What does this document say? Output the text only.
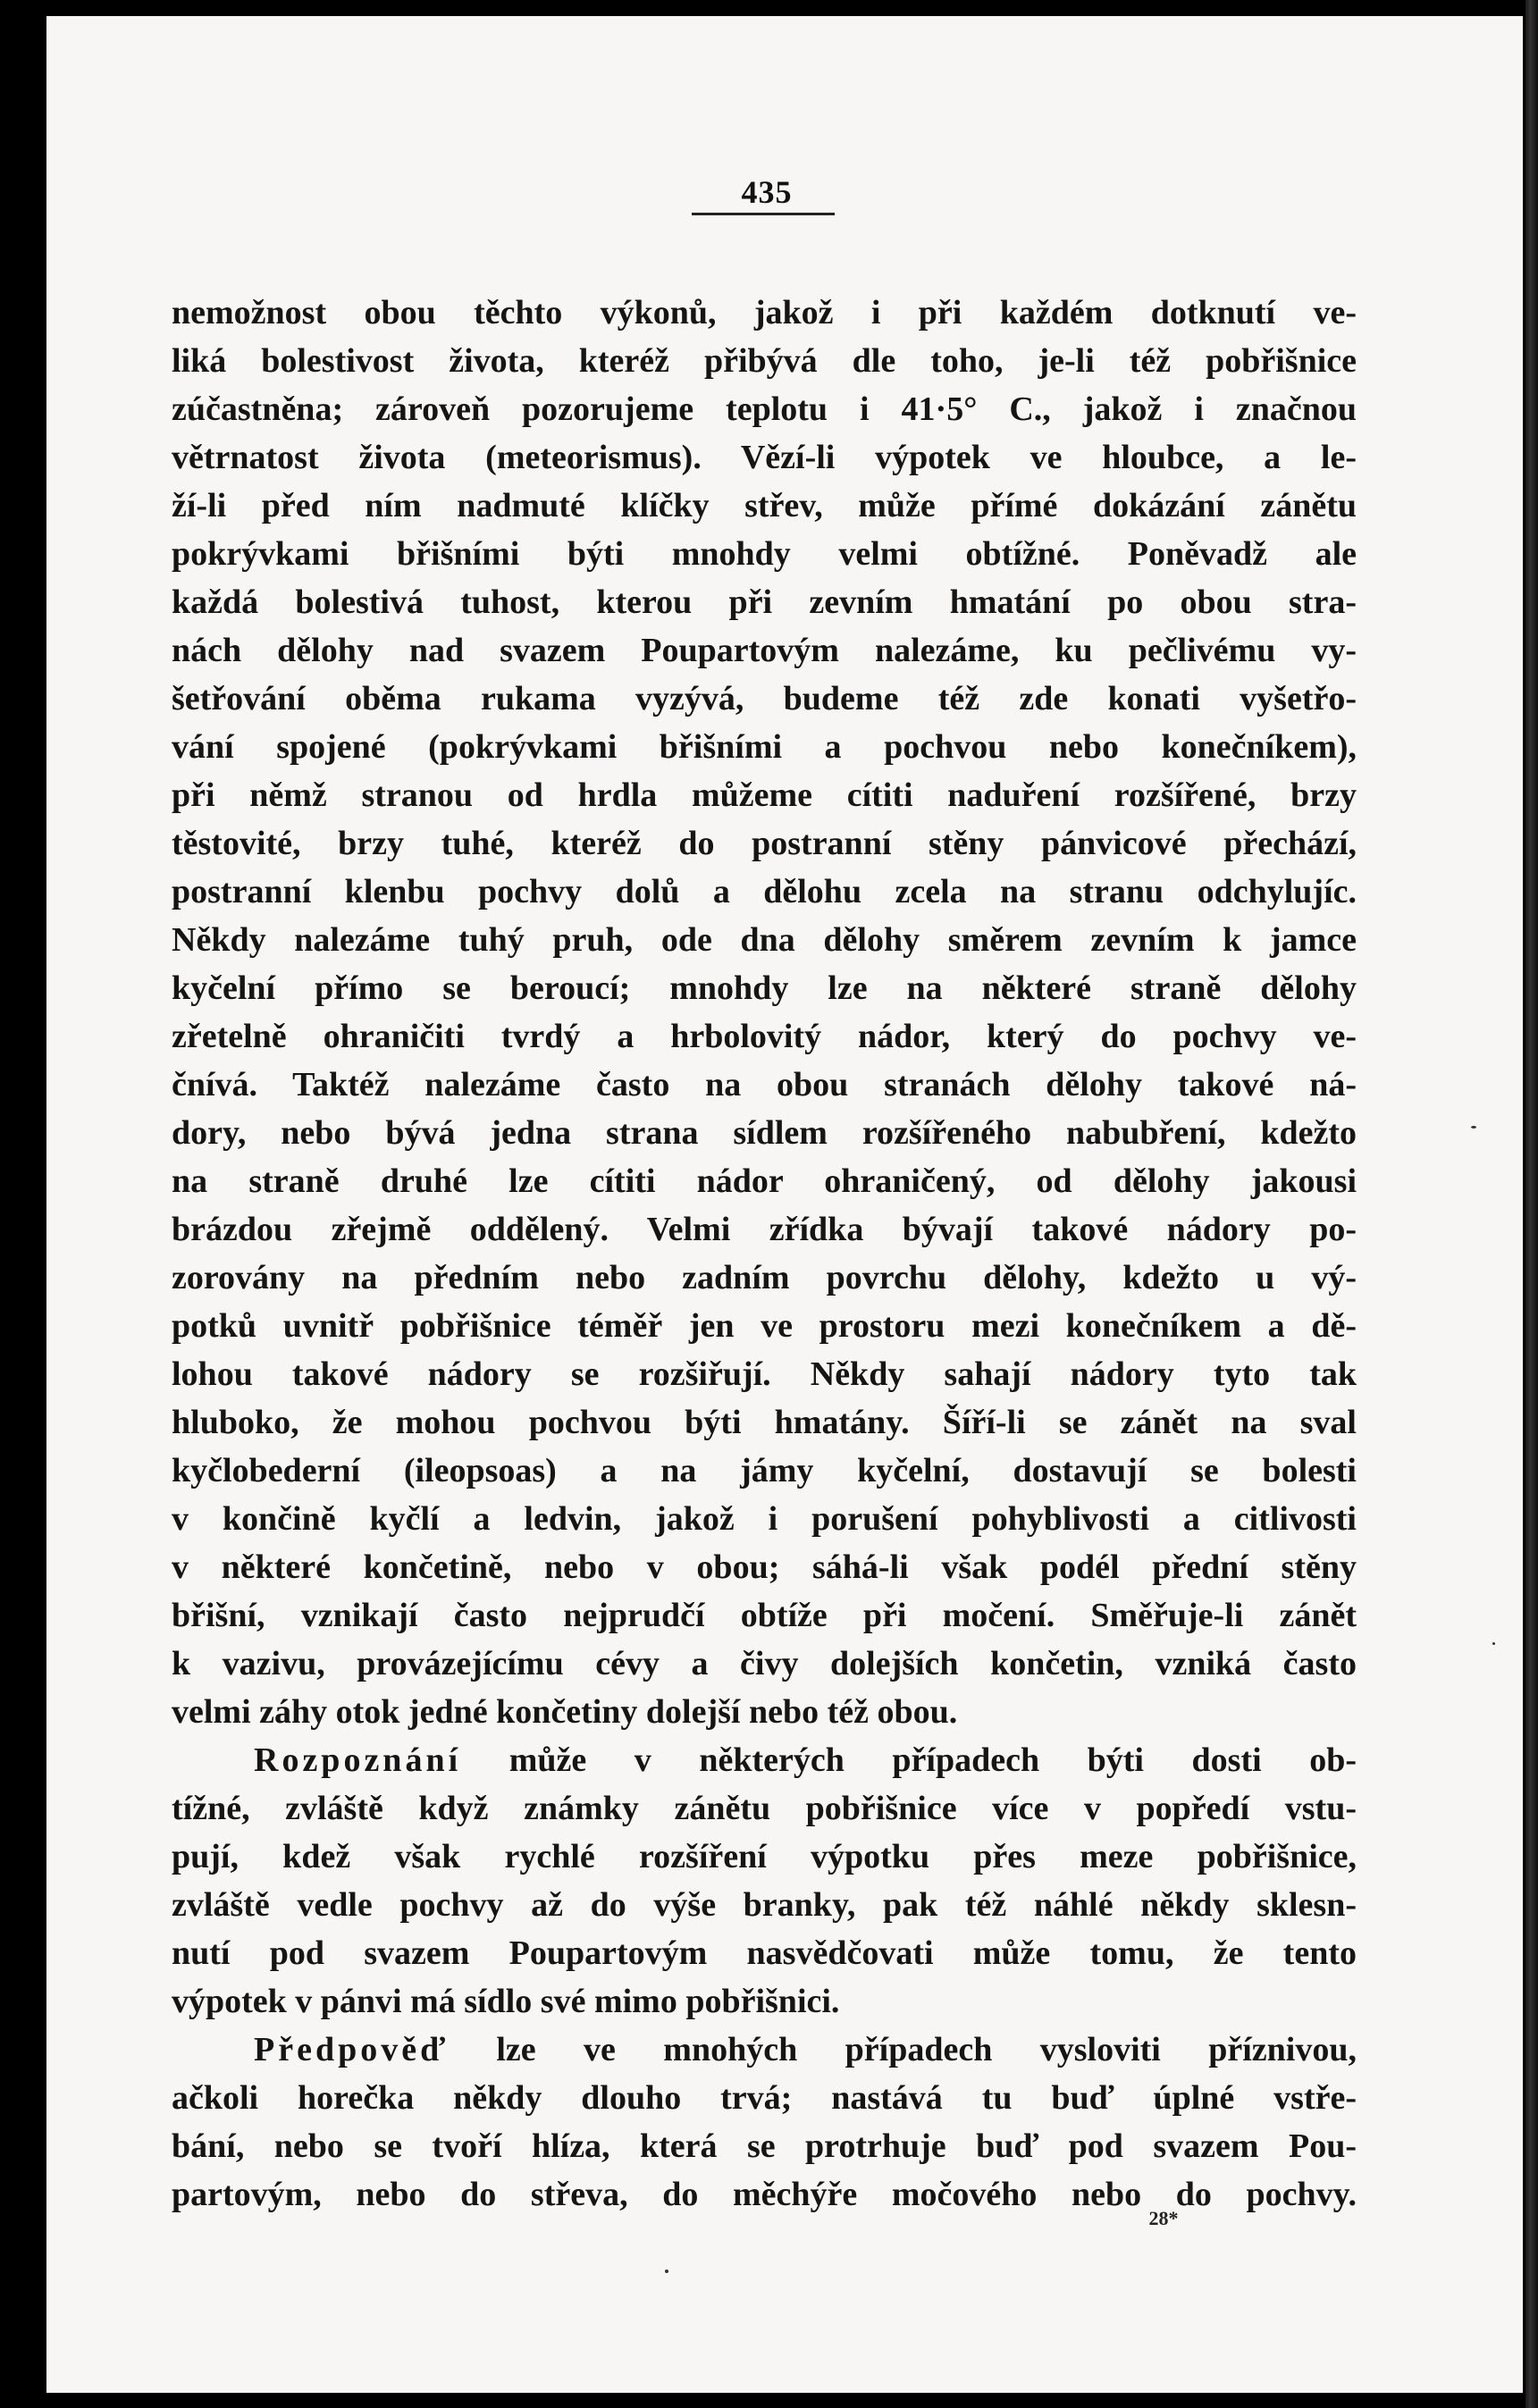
435
nemožnost obou těchto výkonů, jakož i při každém dotknutí ve-
liká bolestivost života, kteréž přibývá dle toho, je-li též pobřišnice
zúčastněna; zároveň pozorujeme teplotu i 41·5° C., jakož i značnou
větrnatost života (meteorismus). Vězí-li výpotek ve hloubce, a le-
ží-li před ním nadmuté klíčky střev, může přímé dokázání zánětu
pokrývkami břišními býti mnohdy velmi obtížné. Poněvadž ale
každá bolestivá tuhost, kterou při zevním hmatání po obou stra-
nách dělohy nad svazem Poupartovým nalezáme, ku pečlivému vy-
šetřování oběma rukama vyzývá, budeme též zde konati vyšetřo-
vání spojené (pokrývkami břišními a pochvou nebo konečníkem),
při němž stranou od hrdla můžeme cítiti naduření rozšířené, brzy
těstovité, brzy tuhé, kteréž do postranní stěny pánvicové přechází,
postranní klenbu pochvy dolů a dělohu zcela na stranu odchylujíc.
Někdy nalezáme tuhý pruh, ode dna dělohy směrem zevním k jamce
kyčelní přímo se beroucí; mnohdy lze na některé straně dělohy
zřetelně ohraničiti tvrdý a hrbolovitý nádor, který do pochvy ve-
čnívá. Taktéž nalezáme často na obou stranách dělohy takové ná-
dory, nebo bývá jedna strana sídlem rozšířeného nabubření, kdežto
na straně druhé lze cítiti nádor ohraničený, od dělohy jakousi
brázdou zřejmě oddělený. Velmi zřídka bývají takové nádory po-
zorovány na předním nebo zadním povrchu dělohy, kdežto u vý-
potků uvnitř pobřišnice téměř jen ve prostoru mezi konečníkem a dě-
lohou takové nádory se rozšiřují. Někdy sahají nádory tyto tak
hluboko, že mohou pochvou býti hmatány. Šíří-li se zánět na sval
kyčlobederní (ileopsoas) a na jámy kyčelní, dostavují se bolesti
v končině kyčlí a ledvin, jakož i porušení pohyblivosti a citlivosti
v některé končetině, nebo v obou; sáhá-li však podél přední stěny
břišní, vznikají často nejprudčí obtíže při močení. Směřuje-li zánět
k vazivu, provázejícímu cévy a čivy dolejších končetin, vzniká často
velmi záhy otok jedné končetiny dolejší nebo též obou.
Rozpoznání může v některých případech býti dosti ob-
tížné, zvláště když známky zánětu pobřišnice více v popředí vstu-
pují, kdež však rychlé rozšíření výpotku přes meze pobřišnice,
zvláště vedle pochvy až do výše branky, pak též náhlé někdy sklesn-
nutí pod svazem Poupartovým nasvědčovati může tomu, že tento
výpotek v pánvi má sídlo své mimo pobřišnici.
Předpověď lze ve mnohých případech vysloviti příznivou,
ačkoli horečka někdy dlouho trvá; nastává tu buď úplné vstře-
bání, nebo se tvoří hlíza, která se protrhuje buď pod svazem Pou-
partovým, nebo do střeva, do měchýře močového nebo do pochvy.
28*
